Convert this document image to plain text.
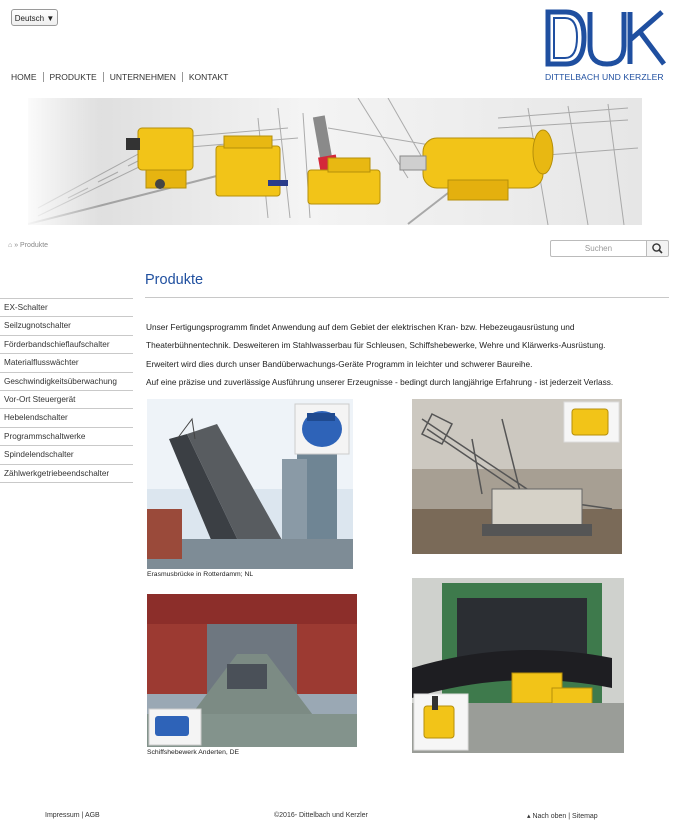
Deutsch ▼
DITTELBACH UND KERZLER
HOME PRODUKTE UNTERNEHMEN KONTAKT
⌂ » Produkte	Suchen
Produkte
EX-Schalter
Seilzugnotschalter
Förderbandschieflaufschalter
Materialflusswächter
Geschwindigkeitsüberwachung
Vor-Ort Steuergerät
Hebelendschalter
Programmschaltwerke
Spindelendschalter
Zählwerkgetriebeendschalter
Unser Fertigungsprogramm findet Anwendung auf dem Gebiet der elektrischen Kran- bzw. Hebezeugausrüstung und
Theaterbühnentechnik. Desweiteren im Stahlwasserbau für Schleusen, Schiffshebewerke, Wehre und Klärwerks-Ausrüstung.
Erweitert wird dies durch unser Bandüberwachungs-Geräte Programm in leichter und schwerer Baureihe.
Auf eine präzise und zuverlässige Ausführung unserer Erzeugnisse - bedingt durch langjährige Erfahrung - ist jederzeit Verlass.
Erasmusbrücke in Rotterdamm; NL
Schiffshebewerk Anderten, DE
Impressum | AGB	©2016- Dittelbach und Kerzler	▴ Nach oben | Sitemap
